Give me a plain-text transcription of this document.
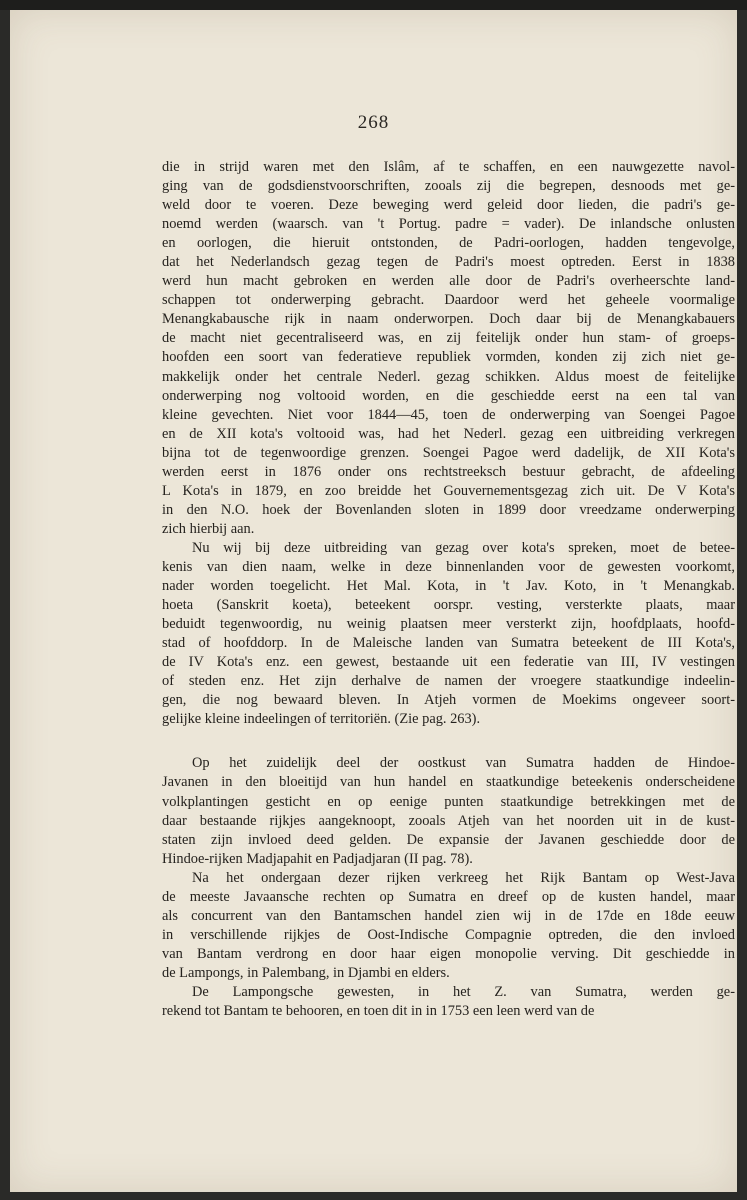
268
die in strijd waren met den Islâm, af te schaffen, en een nauwgezette navol-
ging van de godsdienstvoorschriften, zooals zij die begrepen, desnoods met ge-
weld door te voeren. Deze beweging werd geleid door lieden, die padri's ge-
noemd werden (waarsch. van 't Portug. padre = vader). De inlandsche onlusten
en oorlogen, die hieruit ontstonden, de Padri-oorlogen, hadden tengevolge,
dat het Nederlandsch gezag tegen de Padri's moest optreden. Eerst in 1838
werd hun macht gebroken en werden alle door de Padri's overheerschte land-
schappen tot onderwerping gebracht. Daardoor werd het geheele voormalige
Menangkabausche rijk in naam onderworpen. Doch daar bij de Menangkabauers
de macht niet gecentraliseerd was, en zij feitelijk onder hun stam- of groeps-
hoofden een soort van federatieve republiek vormden, konden zij zich niet ge-
makkelijk onder het centrale Nederl. gezag schikken. Aldus moest de feitelijke
onderwerping nog voltooid worden, en die geschiedde eerst na een tal van
kleine gevechten. Niet voor 1844—45, toen de onderwerping van Soengei Pagoe
en de XII kota's voltooid was, had het Nederl. gezag een uitbreiding verkregen
bijna tot de tegenwoordige grenzen. Soengei Pagoe werd dadelijk, de XII Kota's
werden eerst in 1876 onder ons rechtstreeksch bestuur gebracht, de afdeeling
L Kota's in 1879, en zoo breidde het Gouvernementsgezag zich uit. De V Kota's
in den N.O. hoek der Bovenlanden sloten in 1899 door vreedzame onderwerping
zich hierbij aan.
Nu wij bij deze uitbreiding van gezag over kota's spreken, moet de betee-
kenis van dien naam, welke in deze binnenlanden voor de gewesten voorkomt,
nader worden toegelicht. Het Mal. Kota, in 't Jav. Koto, in 't Menangkab.
hoeta (Sanskrit koeta), beteekent oorspr. vesting, versterkte plaats, maar
beduidt tegenwoordig, nu weinig plaatsen meer versterkt zijn, hoofdplaats, hoofd-
stad of hoofddorp. In de Maleische landen van Sumatra beteekent de III Kota's,
de IV Kota's enz. een gewest, bestaande uit een federatie van III, IV vestingen
of steden enz. Het zijn derhalve de namen der vroegere staatkundige indeelin-
gen, die nog bewaard bleven. In Atjeh vormen de Moekims ongeveer soort-
gelijke kleine indeelingen of territoriën. (Zie pag. 263).
Op het zuidelijk deel der oostkust van Sumatra hadden de Hindoe-
Javanen in den bloeitijd van hun handel en staatkundige beteekenis onderscheidene
volkplantingen gesticht en op eenige punten staatkundige betrekkingen met de
daar bestaande rijkjes aangeknoopt, zooals Atjeh van het noorden uit in de kust-
staten zijn invloed deed gelden. De expansie der Javanen geschiedde door de
Hindoe-rijken Madjapahit en Padjadjaran (II pag. 78).
Na het ondergaan dezer rijken verkreeg het Rijk Bantam op West-Java
de meeste Javaansche rechten op Sumatra en dreef op de kusten handel, maar
als concurrent van den Bantamschen handel zien wij in de 17de en 18de eeuw
in verschillende rijkjes de Oost-Indische Compagnie optreden, die den invloed
van Bantam verdrong en door haar eigen monopolie verving. Dit geschiedde in
de Lampongs, in Palembang, in Djambi en elders.
De Lampongsche gewesten, in het Z. van Sumatra, werden ge-
rekend tot Bantam te behooren, en toen dit in in 1753 een leen werd van de
